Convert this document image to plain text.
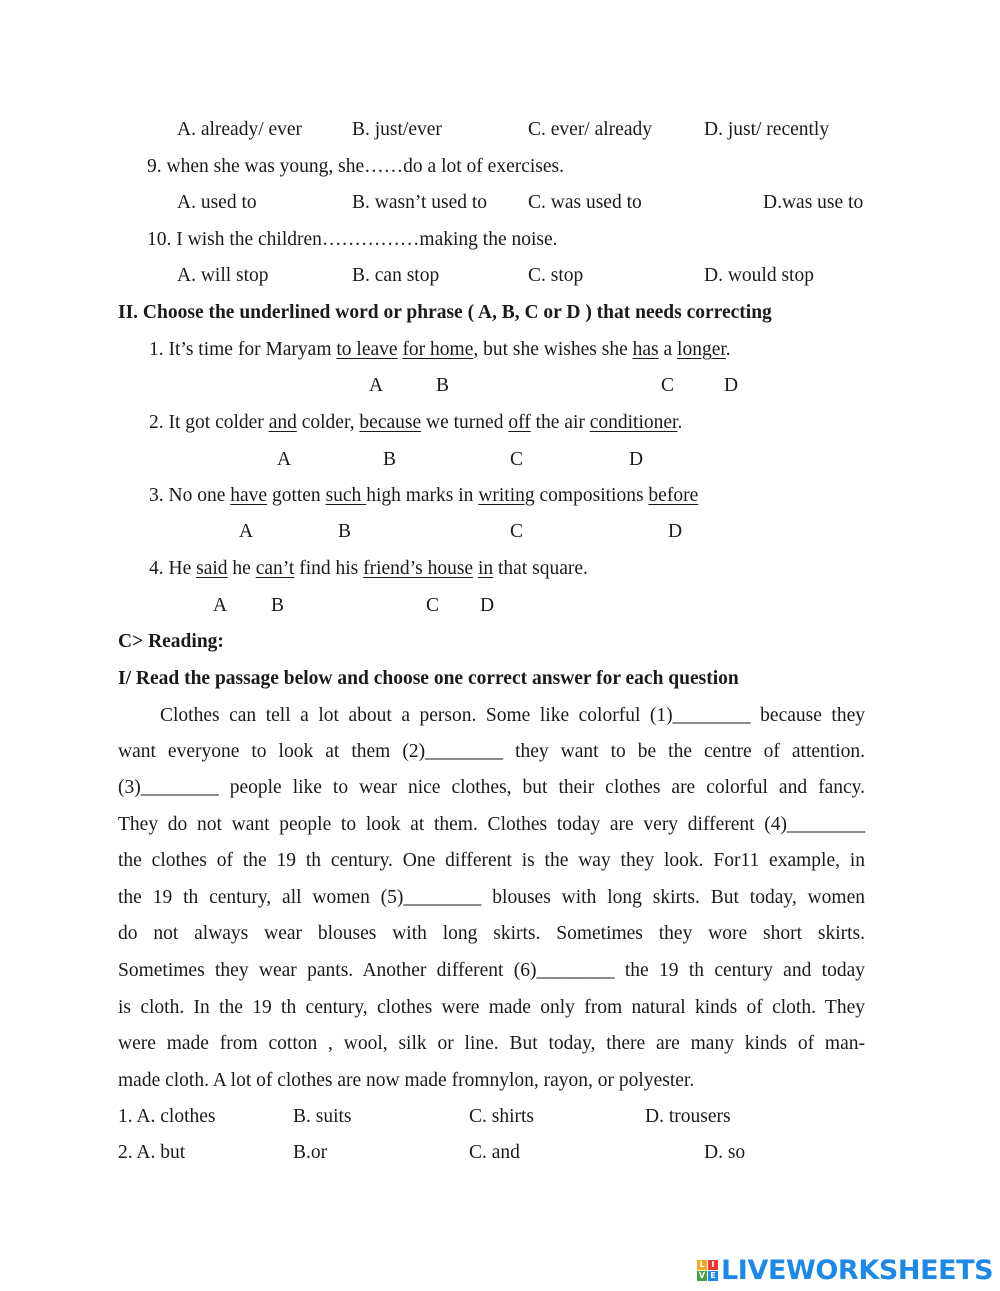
A. already/ ever	B. just/ever	C. ever/ already	D. just/ recently
9. when she was young, she……do a lot of exercises.
A. used to	B. wasn’t used to C. was used to	D.was use to
10. I wish the children……………making the noise.
A. will stop	B. can stop	C. stop	D. would stop
II. Choose the underlined word or phrase ( A, B, C or D ) that needs correcting
1. It’s time for Maryam to leave for home, but she wishes she has a longer.
A	B	C	D
2. It got colder and colder, because we turned off the air conditioner.
A	B	C	D
3. No one have gotten such high marks in writing compositions before
A	B	C	D
4. He said he can’t find his friend’s house in that square.
A B	C D
C> Reading:
I/ Read the passage below and choose one correct answer for each question

Clothes can tell a lot about a person. Some like colorful (1)________ because they

want everyone to look at them (2)________ they want to be the centre of attention.

(3)________ people like to wear nice clothes, but their clothes are colorful and fancy.

They do not want people to look at them. Clothes today are very different (4)________

the clothes of the 19 th century. One different is the way they look. For11 example, in

the 19 th century, all women (5)________ blouses with long skirts. But today, women

do not always wear blouses with long skirts. Sometimes they wore short skirts.

Sometimes they wear pants. Another different (6)________ the 19 th century and today

is cloth. In the 19 th century, clothes were made only from natural kinds of cloth. They

were made from cotton , wool, silk or line. But today, there are many kinds of man-

made cloth. A lot of clothes are now made fromnylon, rayon, or polyester.

1. A. clothes	B. suits	C. shirts	D. trousers
2. A. but	B.or	C. and	D. so
L I
V E LIVEWORKSHEETS
